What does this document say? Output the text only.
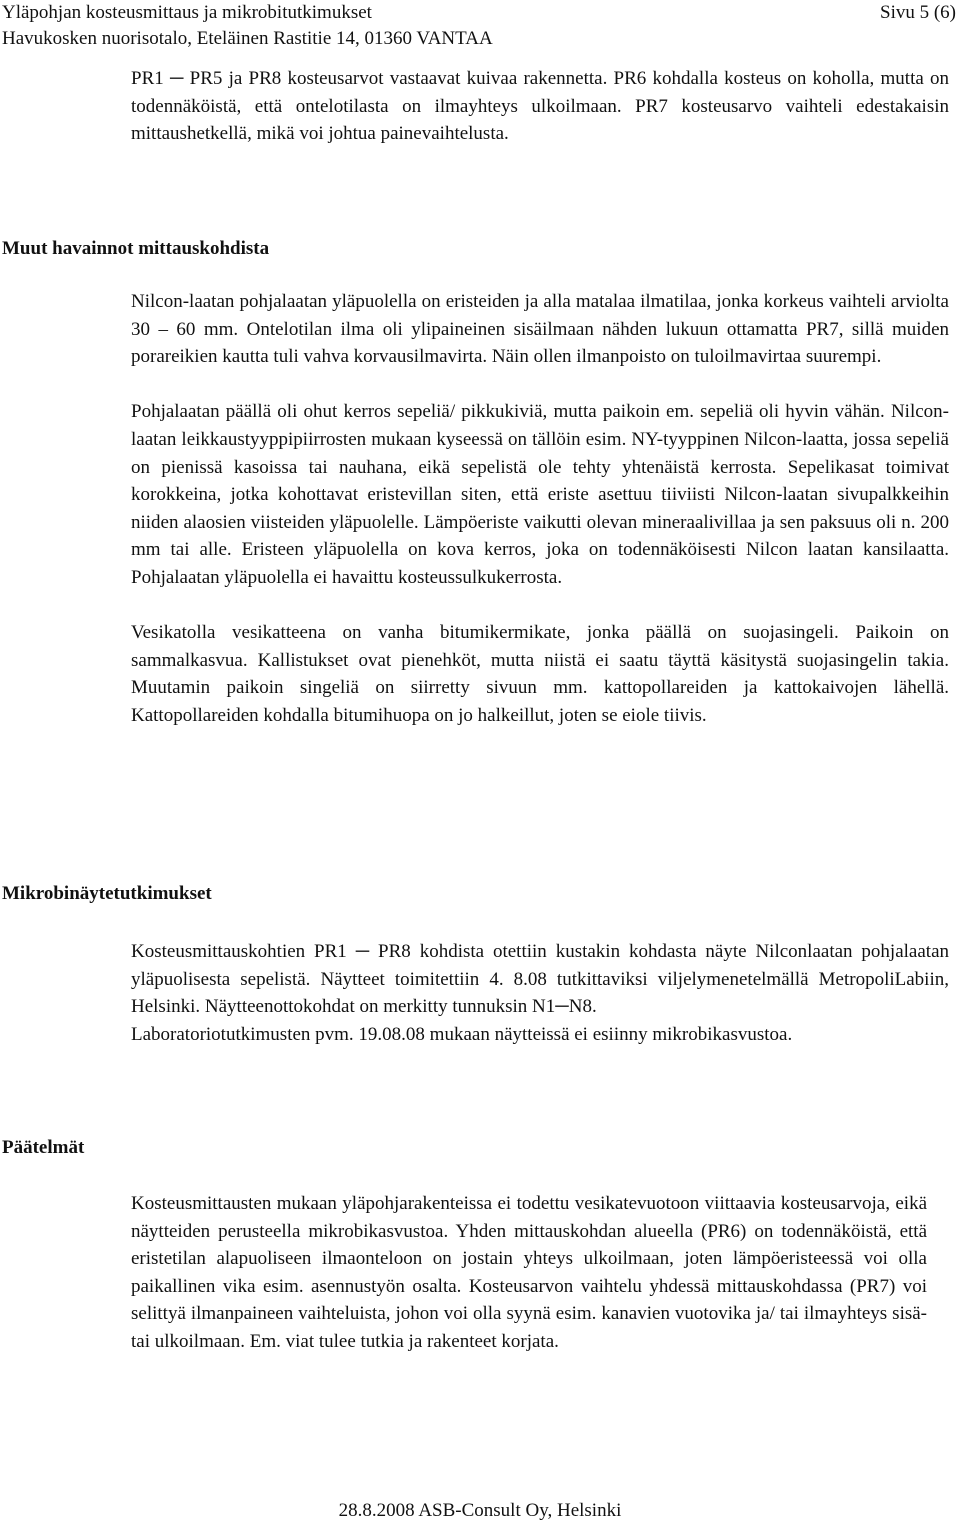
Yläpohjan kosteusmittaus ja mikrobitutkimukset	Sivu 5 (6)
Havukosken nuorisotalo, Eteläinen Rastitie 14, 01360 VANTAA

PR1 ─ PR5 ja PR8 kosteusarvot vastaavat kuivaa rakennetta. PR6 kohdalla kosteus on koholla, mutta on todennäköistä, että ontelotilasta on ilmayhteys ulkoilmaan. PR7 kosteusarvo vaihteli edestakaisin mittaushetkellä, mikä voi johtua painevaihtelusta.

Muut havainnot mittauskohdista

Nilcon-laatan pohjalaatan yläpuolella on eristeiden ja alla matalaa ilmatilaa, jonka korkeus vaihteli arviolta 30 – 60 mm. Ontelotilan ilma oli ylipaineinen sisäilmaan nähden lukuun ottamatta PR7, sillä muiden porareikien kautta tuli vahva korvausilmavirta. Näin ollen ilmanpoisto on tuloilmavirtaa suurempi.

Pohjalaatan päällä oli ohut kerros sepeliä/ pikkukiviä, mutta paikoin em. sepeliä oli hyvin vähän. Nilcon- laatan leikkaustyyppipiirrosten mukaan kyseessä on tällöin esim. NY-tyyppinen Nilcon-laatta, jossa sepeliä on pienissä kasoissa tai nauhana, eikä sepelistä ole tehty yhtenäistä kerrosta. Sepelikasat toimivat korokkeina, jotka kohottavat eristevillan siten, että eriste asettuu tiiviisti Nilcon-laatan sivupalkkeihin niiden alaosien viisteiden yläpuolelle. Lämpöeriste vaikutti olevan mineraalivillaa ja sen paksuus oli n. 200 mm tai alle. Eristeen yläpuolella on kova kerros, joka on todennäköisesti Nilcon laatan kansilaatta. Pohjalaatan yläpuolella ei havaittu kosteussulkukerrosta.

Vesikatolla vesikatteena on vanha bitumikermikate, jonka päällä on suojasingeli. Paikoin on sammalkasvua. Kallistukset ovat pienehköt, mutta niistä ei saatu täyttä käsitystä suojasingelin takia. Muutamin paikoin singeliä on siirretty sivuun mm. kattopollareiden ja kattokaivojen lähellä. Kattopollareiden kohdalla bitumihuopa on jo halkeillut, joten se eiole tiivis.

Mikrobinäytetutkimukset
Kosteusmittauskohtien PR1 ─ PR8 kohdista otettiin kustakin kohdasta näyte Nilconlaatan pohjalaatan yläpuolisesta sepelistä. Näytteet toimitettiin 4. 8.08 tutkittaviksi viljelymenetelmällä MetropoliLabiin, Helsinki. Näytteenottokohdat on merkitty tunnuksin N1─N8.
Laboratoriotutkimusten pvm. 19.08.08 mukaan näytteissä ei esiinny mikrobikasvustoa.
Päätelmät

Kosteusmittausten mukaan yläpohjarakenteissa ei todettu vesikatevuotoon viittaavia kosteusarvoja, eikä näytteiden perusteella mikrobikasvustoa. Yhden mittauskohdan alueella (PR6) on todennäköistä, että eristetilan alapuoliseen ilmaonteloon on jostain yhteys ulkoilmaan, joten lämpöeristeessä voi olla paikallinen vika esim. asennustyön osalta. Kosteusarvon vaihtelu yhdessä mittauskohdassa (PR7) voi selittyä ilmanpaineen vaihteluista, johon voi olla syynä esim. kanavien vuotovika ja/ tai ilmayhteys sisä- tai ulkoilmaan. Em. viat tulee tutkia ja rakenteet korjata.

28.8.2008 ASB-Consult Oy, Helsinki
